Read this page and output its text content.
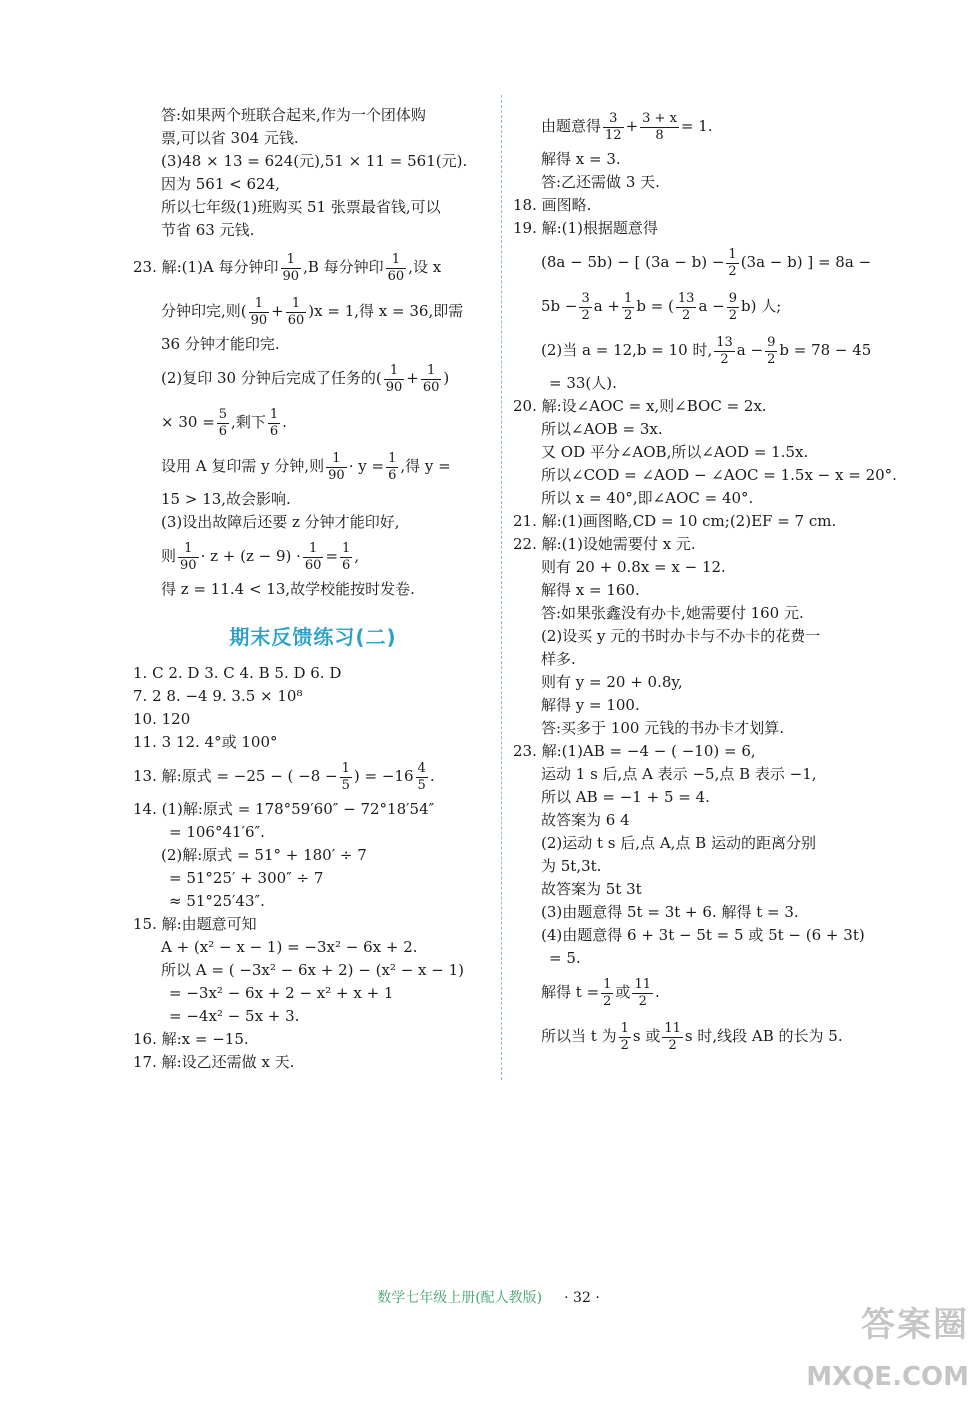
答:如果两个班联合起来,作为一个团体购
票,可以省 304 元钱.
(3)48 × 13 = 624(元),51 × 11 = 561(元).
因为 561 < 624,
所以七年级(1)班购买 51 张票最省钱,可以
节省 63 元钱.
23. 解:(1)A 每分钟印 $\frac{1}{90} ,B$ 每分钟印 $\frac{1}{60}$ ,设 x
分钟印完,则( $\frac{1}{90} + \frac{1}{60} )x = 1$,得 x = 36,即需
36 分钟才能印完.
(2)复印 30 分钟后完成了任务的( $\frac{1}{90} + \frac{1}{60}$ )
× $30 = \frac{5}{6}$ ,剩下 $\frac{1}{6}$ .
设用 A 复印需 y 分钟,则 $\frac{1}{90} \cdot y = \frac{1}{6}$ ,得 y =
15 > 13,故会影响.
(3)设出故障后还要 z 分钟才能印好,
则 $\frac{1}{90} \cdot z + (z - 9) \cdot \frac{1}{60} = \frac{1}{6}$ ,
得 z = 11.4 < 13,故学校能按时发卷.
期末反馈练习(二)
1. C 2. D 3. C 4. B 5. D 6. D
7. 2 8. −4 9. 3.5 × 10⁸
10. 120
11. 3 12. 4°或 100°
13. 解:原式 = −25 − ( $-8 - \frac{1}{5}$ ) = $-16 \frac{4}{5}$ .
14. (1)解:原式 = 178°59′60″ − 72°18′54″
= 106°41′6″.
(2)解:原式 = 51° + 180′ ÷ 7
= 51°25′ + 300″ ÷ 7
≈ 51°25′43″.
15. 解:由题意可知
A + (x² − x − 1) = −3x² − 6x + 2.
所以 A = ( −3x² − 6x + 2) − (x² − x − 1)
= −3x² − 6x + 2 − x² + x + 1
= −4x² − 5x + 3.
16. 解:x = −15.
17. 解:设乙还需做 x 天.
由题意得 $\frac{3}{12} + \frac{3 + x}{8} = 1$.
解得 x = 3.
答:乙还需做 3 天.
18. 画图略.
19. 解:(1)根据题意得
(8a − 5b) − [ $(3a - b) - \frac{1}{2} (3a - b)$ ] = 8a −
$5b - \frac{3}{2}$ $a + \frac{1}{2}$ b = ( $\frac{13}{2}$ $a - \frac{9}{2} b$) 人;
(2)当 a = 12,b = 10 时, $\frac{13}{2}$ $a - \frac{9}{2}$ b = 78 − 45
= 33(人).
20. 解:设∠AOC = x,则∠BOC = 2x.
所以∠AOB = 3x.
又 OD 平分∠AOB,所以∠AOD = 1.5x.
所以∠COD = ∠AOD − ∠AOC = 1.5x − x = 20°.
所以 x = 40°,即∠AOC = 40°.
21. 解:(1)画图略,CD = 10 cm;(2)EF = 7 cm.
22. 解:(1)设她需要付 x 元.
则有 20 + 0.8x = x − 12.
解得 x = 160.
答:如果张鑫没有办卡,她需要付 160 元.
(2)设买 y 元的书时办卡与不办卡的花费一
样多.
则有 y = 20 + 0.8y,
解得 y = 100.
答:买多于 100 元钱的书办卡才划算.
23. 解:(1)AB = −4 − ( −10) = 6,
运动 1 s 后,点 A 表示 −5,点 B 表示 −1,
所以 AB = −1 + 5 = 4.
故答案为 6 4
(2)运动 t s 后,点 A,点 B 运动的距离分别
为 5t,3t.
故答案为 5t 3t
(3)由题意得 5t = 3t + 6. 解得 t = 3.
(4)由题意得 6 + 3t − 5t = 5 或 5t − (6 + 3t)
= 5.
解得 $t = \frac{1}{2}$ 或 $\frac{11}{2}$ .
所以当 t 为 $\frac{1}{2}$ s 或 $\frac{11}{2}$ s 时,线段 AB 的长为 5.
数学七年级上册(配人教版) · 32 ·
答案圈
MXQE.COM
